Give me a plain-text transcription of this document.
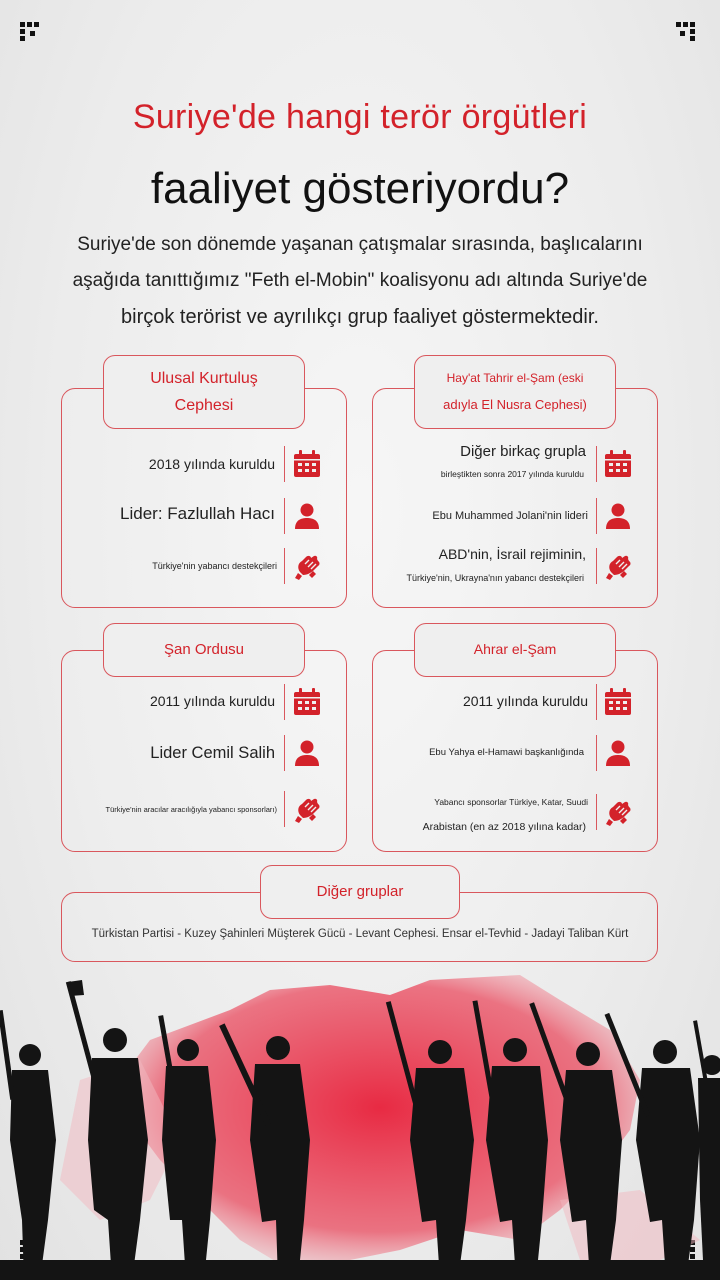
Suriye'de hangi terör örgütleri
faaliyet gösteriyordu?
Suriye'de son dönemde yaşanan çatışmalar sırasında, başlıcalarını
aşağıda tanıttığımız "Feth el-Mobin" koalisyonu adı altında Suriye'de
birçok terörist ve ayrılıkçı grup faaliyet göstermektedir.
Ulusal Kurtuluş
Cephesi
2018 yılında kuruldu
Lider: Fazlullah Hacı
Türkiye'nin yabancı destekçileri
Hay'at Tahrir el-Şam (eski
adıyla El Nusra Cephesi)
Diğer birkaç grupla
birleştikten sonra 2017 yılında kuruldu
Ebu Muhammed Jolani'nin lideri
ABD'nin, İsrail rejiminin,
Türkiye'nin, Ukrayna'nın yabancı destekçileri
Şan Ordusu
2011 yılında kuruldu
Lider Cemil Salih
Türkiye'nin aracılar aracılığıyla yabancı sponsorları)
Ahrar el-Şam
2011 yılında kuruldu
Ebu Yahya el-Hamawi başkanlığında
Yabancı sponsorlar Türkiye, Katar, Suudi
Arabistan (en az 2018 yılına kadar)
Diğer gruplar
Türkistan Partisi - Kuzey Şahinleri Müşterek Gücü - Levant Cephesi. Ensar el-Tevhid - Jadayi Taliban Kürt
